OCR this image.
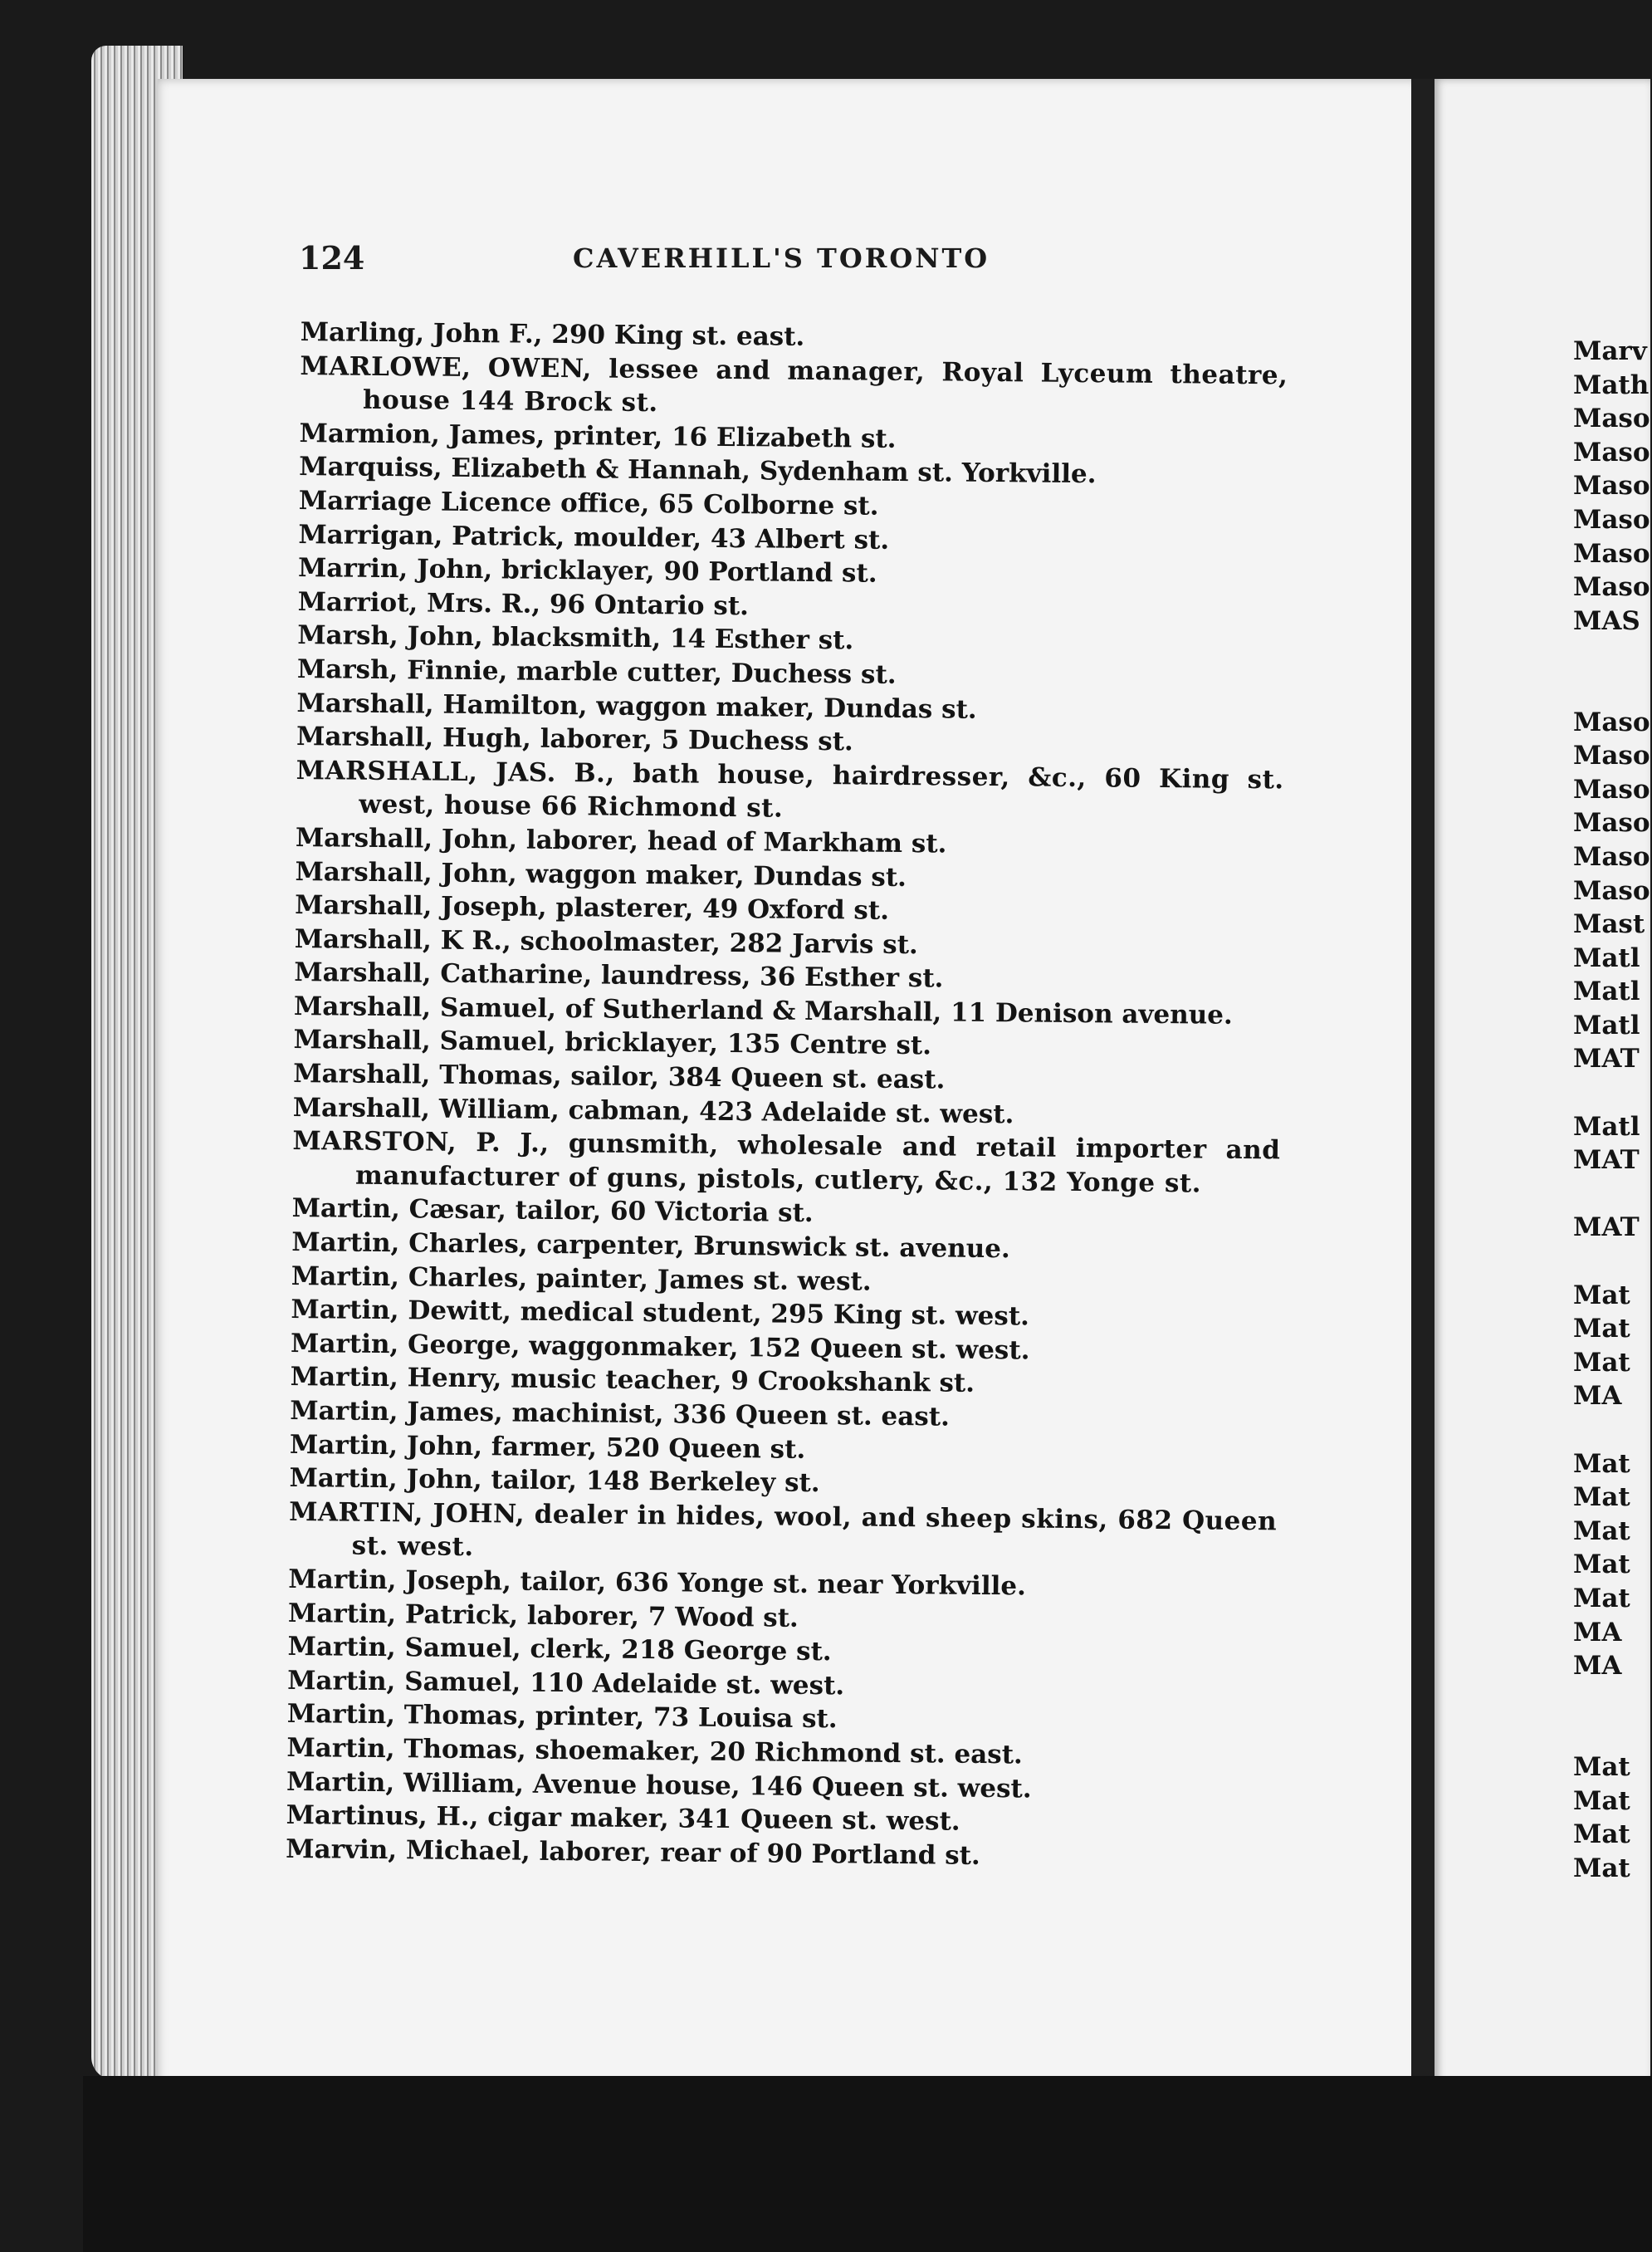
124	CAVERHILL'S TORONTO
Marling, John F., 290 King st. east.
MARLOWE, OWEN, lessee and manager, Royal Lyceum theatre, house 144 Brock st.
Marmion, James, printer, 16 Elizabeth st.
Marquiss, Elizabeth & Hannah, Sydenham st. Yorkville.
Marriage Licence office, 65 Colborne st.
Marrigan, Patrick, moulder, 43 Albert st.
Marrin, John, bricklayer, 90 Portland st.
Marriot, Mrs. R., 96 Ontario st.
Marsh, John, blacksmith, 14 Esther st.
Marsh, Finnie, marble cutter, Duchess st.
Marshall, Hamilton, waggon maker, Dundas st.
Marshall, Hugh, laborer, 5 Duchess st.
MARSHALL, JAS. B., bath house, hairdresser, &c., 60 King st. west, house 66 Richmond st.
Marshall, John, laborer, head of Markham st.
Marshall, John, waggon maker, Dundas st.
Marshall, Joseph, plasterer, 49 Oxford st.
Marshall, K R., schoolmaster, 282 Jarvis st.
Marshall, Catharine, laundress, 36 Esther st.
Marshall, Samuel, of Sutherland & Marshall, 11 Denison avenue.
Marshall, Samuel, bricklayer, 135 Centre st.
Marshall, Thomas, sailor, 384 Queen st. east.
Marshall, William, cabman, 423 Adelaide st. west.
MARSTON, P. J., gunsmith, wholesale and retail importer and manufacturer of guns, pistols, cutlery, &c., 132 Yonge st.
Martin, Cæsar, tailor, 60 Victoria st.
Martin, Charles, carpenter, Brunswick st. avenue.
Martin, Charles, painter, James st. west.
Martin, Dewitt, medical student, 295 King st. west.
Martin, George, waggonmaker, 152 Queen st. west.
Martin, Henry, music teacher, 9 Crookshank st.
Martin, James, machinist, 336 Queen st. east.
Martin, John, farmer, 520 Queen st.
Martin, John, tailor, 148 Berkeley st.
MARTIN, JOHN, dealer in hides, wool, and sheep skins, 682 Queen st. west.
Martin, Joseph, tailor, 636 Yonge st. near Yorkville.
Martin, Patrick, laborer, 7 Wood st.
Martin, Samuel, clerk, 218 George st.
Martin, Samuel, 110 Adelaide st. west.
Martin, Thomas, printer, 73 Louisa st.
Martin, Thomas, shoemaker, 20 Richmond st. east.
Martin, William, Avenue house, 146 Queen st. west.
Martinus, H., cigar maker, 341 Queen st. west.
Marvin, Michael, laborer, rear of 90 Portland st.
Marv
Math
Maso
Maso
Maso
Maso
Maso
Maso
MAS
Maso
Maso
Maso
Maso
Maso
Maso
Mast
Matl
Matl
Matl
MAT
Matl
MAT
MAT
Mat
Mat
Mat
MA
Mat
Mat
Mat
Mat
Mat
MA
MA
Mat
Mat
Mat
Mat
